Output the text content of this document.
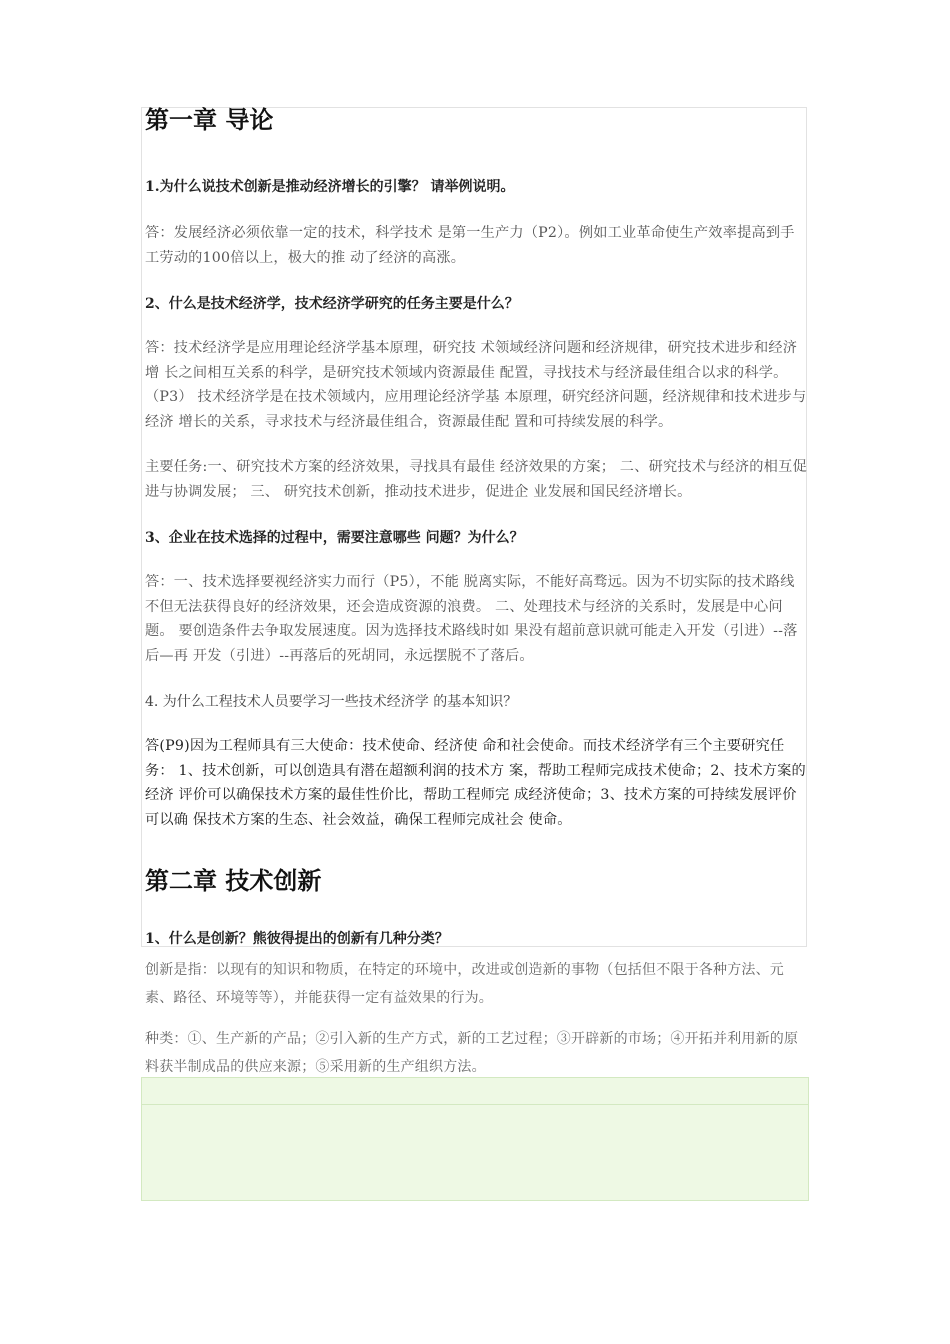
第一章 导论

1.为什么说技术创新是推动经济增长的引擎？ 请举例说明。

答：发展经济必须依靠一定的技术，科学技术 是第一生产力（P2）。例如工业革命使生产效率提高到手工劳动的100倍以上，极大的推 动了经济的高涨。

2、什么是技术经济学，技术经济学研究的任务主要是什么？

答：技术经济学是应用理论经济学基本原理，研究技 术领域经济问题和经济规律，研究技术进步和经济增 长之间相互关系的科学，是研究技术领域内资源最佳 配置，寻找技术与经济最佳组合以求的科学。（P3） 技术经济学是在技术领域内，应用理论经济学基 本原理，研究经济问题，经济规律和技术进步与经济 增长的关系，寻求技术与经济最佳组合，资源最佳配 置和可持续发展的科学。

主要任务:一、研究技术方案的经济效果，寻找具有最佳 经济效果的方案； 二、研究技术与经济的相互促进与协调发展； 三、 研究技术创新，推动技术进步，促进企 业发展和国民经济增长。

3、企业在技术选择的过程中，需要注意哪些 问题？为什么？

答：一、技术选择要视经济实力而行（P5），不能 脱离实际，不能好高骛远。因为不切实际的技术路线 不但无法获得良好的经济效果，还会造成资源的浪费。 二、处理技术与经济的关系时，发展是中心问题。 要创造条件去争取发展速度。因为选择技术路线时如 果没有超前意识就可能走入开发（引进）--落后—再 开发（引进）--再落后的死胡同，永远摆脱不了落后。

4. 为什么工程技术人员要学习一些技术经济学 的基本知识？

答(P9)因为工程师具有三大使命：技术使命、经济使 命和社会使命。而技术经济学有三个主要研究任务： 1、技术创新，可以创造具有潜在超额利润的技术方 案，帮助工程师完成技术使命；2、技术方案的经济 评价可以确保技术方案的最佳性价比，帮助工程师完 成经济使命；3、技术方案的可持续发展评价可以确 保技术方案的生态、社会效益，确保工程师完成社会 使命。

第二章 技术创新

1、什么是创新？熊彼得提出的创新有几种分类？

创新是指：以现有的知识和物质，在特定的环境中，改进或创造新的事物（包括但不限于各种方法、元素、路径、环境等等），并能获得一定有益效果的行为。

种类：①、生产新的产品；②引入新的生产方式，新的工艺过程；③开辟新的市场；④开拓并利用新的原料获半制成品的供应来源；⑤采用新的生产组织方法。
